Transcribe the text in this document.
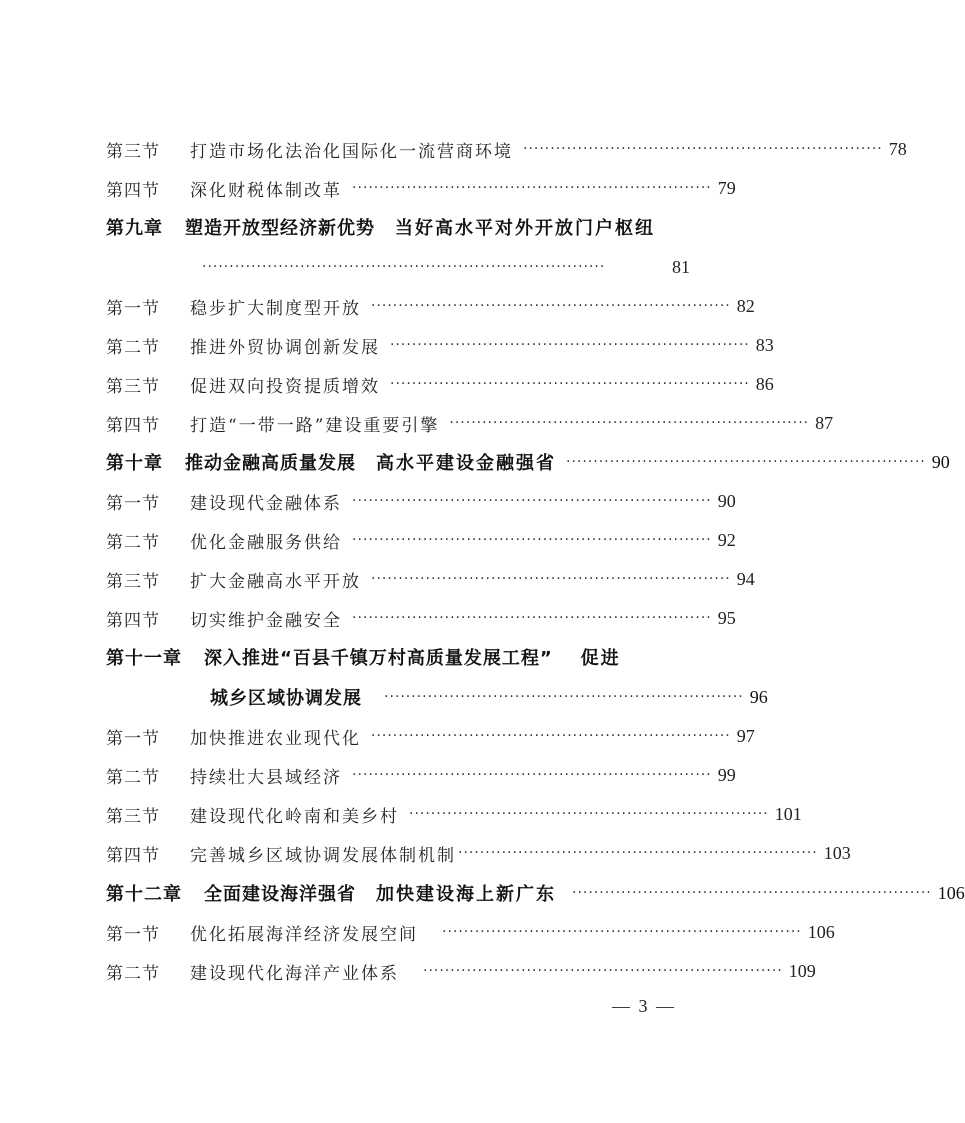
第三节	打造市场化法治化国际化一流营商环境 ·································································· 78
第四节	深化财税体制改革 ·································································· 79
第九章 塑造开放型经济新优势 当好高水平对外开放门户枢纽
··········································································	81
第一节	稳步扩大制度型开放 ·································································· 82
第二节	推进外贸协调创新发展 ·································································· 83
第三节	促进双向投资提质增效 ·································································· 86
第四节	打造“一带一路”建设重要引擎 ·································································· 87
第十章 推动金融高质量发展 高水平建设金融强省 ·································································· 90
第一节	建设现代金融体系 ·································································· 90
第二节	优化金融服务供给 ·································································· 92
第三节	扩大金融高水平开放 ·································································· 94
第四节	切实维护金融安全 ·································································· 95
第十一章 深入推进“百县千镇万村高质量发展工程” 促进
城乡区域协调发展 ·································································· 96
第一节	加快推进农业现代化 ·································································· 97
第二节	持续壮大县域经济 ·································································· 99
第三节	建设现代化岭南和美乡村 ·································································· 101
第四节	完善城乡区域协调发展体制机制 ·································································· 103
第十二章 全面建设海洋强省 加快建设海上新广东 ·································································· 106
第一节	优化拓展海洋经济发展空间 ·································································· 106
第二节	建设现代化海洋产业体系 ·································································· 109
— 3 —
